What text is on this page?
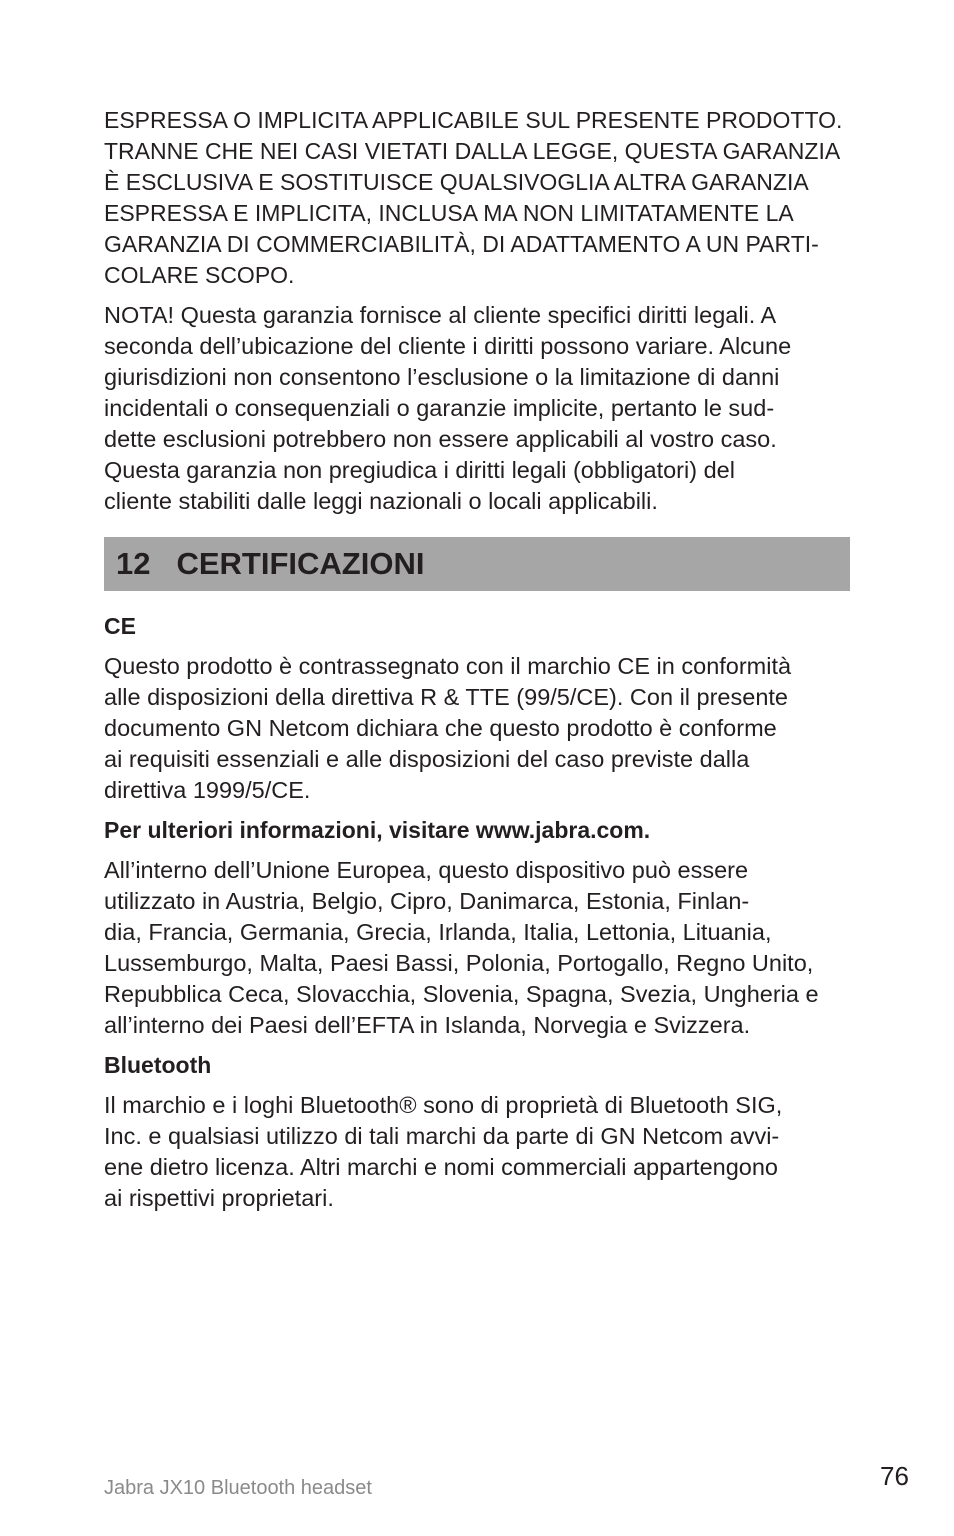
ESPRESSA O IMPLICITA APPLICABILE SUL PRESENTE PRODOTTO.
TRANNE CHE NEI CASI VIETATI DALLA LEGGE, QUESTA GARANZIA
È ESCLUSIVA E SOSTITUISCE QUALSIVOGLIA ALTRA GARANZIA
ESPRESSA E IMPLICITA, INCLUSA MA NON LIMITATAMENTE LA
GARANZIA DI COMMERCIABILITÀ, DI ADATTAMENTO A UN PARTI-
COLARE SCOPO.

NOTA! Questa garanzia fornisce al cliente specifici diritti legali. A
seconda dell’ubicazione del cliente i diritti possono variare. Alcune
giurisdizioni non consentono l’esclusione o la limitazione di danni
incidentali o consequenziali o garanzie implicite, pertanto le sud-
dette esclusioni potrebbero non essere applicabili al vostro caso.
Questa garanzia non pregiudica i diritti legali (obbligatori) del
cliente stabiliti dalle leggi nazionali o locali applicabili.

12 CERTIFICAZIONI

CE

Questo prodotto è contrassegnato con il marchio CE in conformità
alle disposizioni della direttiva R & TTE (99/5/CE). Con il presente
documento GN Netcom dichiara che questo prodotto è conforme
ai requisiti essenziali e alle disposizioni del caso previste dalla
direttiva 1999/5/CE.

Per ulteriori informazioni, visitare www.jabra.com.

All’interno dell’Unione Europea, questo dispositivo può essere
utilizzato in Austria, Belgio, Cipro, Danimarca, Estonia, Finlan-
dia, Francia, Germania, Grecia, Irlanda, Italia, Lettonia, Lituania,
Lussemburgo, Malta, Paesi Bassi, Polonia, Portogallo, Regno Unito,
Repubblica Ceca, Slovacchia, Slovenia, Spagna, Svezia, Ungheria e
all’interno dei Paesi dell’EFTA in Islanda, Norvegia e Svizzera.

Bluetooth

Il marchio e i loghi Bluetooth® sono di proprietà di Bluetooth SIG,
Inc. e qualsiasi utilizzo di tali marchi da parte di GN Netcom avvi-
ene dietro licenza. Altri marchi e nomi commerciali appartengono
ai rispettivi proprietari.

Jabra JX10 Bluetooth headset	76
